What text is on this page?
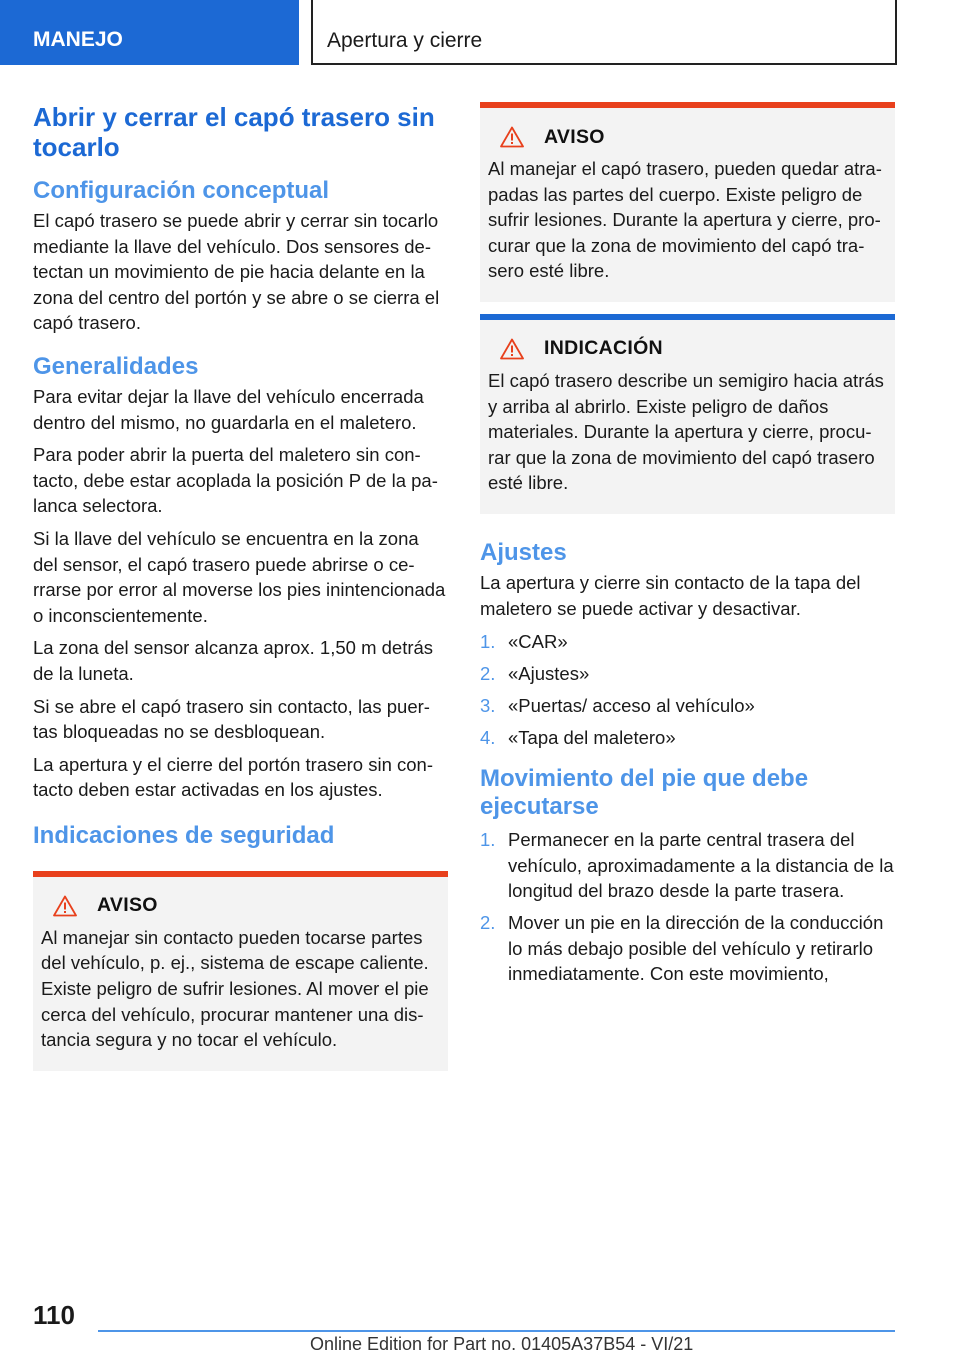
MANEJO	Apertura y cierre
Abrir y cerrar el capó trasero sin tocarlo
Configuración conceptual

El capó trasero se puede abrir y cerrar sin tocarlo mediante la llave del vehículo. Dos sensores detectan un movimiento de pie hacia delante en la zona del centro del portón y se abre o se cierra el capó trasero.

Generalidades

Para evitar dejar la llave del vehículo encerrada dentro del mismo, no guardarla en el maletero.

Para poder abrir la puerta del maletero sin contacto, debe estar acoplada la posición P de la palanca selectora.

Si la llave del vehículo se encuentra en la zona del sensor, el capó trasero puede abrirse o cerrarse por error al moverse los pies inintencionada o inconscientemente.

La zona del sensor alcanza aprox. 1,50 m detrás de la luneta.

Si se abre el capó trasero sin contacto, las puertas bloqueadas no se desbloquean.

La apertura y el cierre del portón trasero sin contacto deben estar activadas en los ajustes.

Indicaciones de seguridad
AVISO

Al manejar sin contacto pueden tocarse partes del vehículo, p. ej., sistema de escape caliente. Existe peligro de sufrir lesiones. Al mover el pie cerca del vehículo, procurar mantener una distancia segura y no tocar el vehículo.

AVISO

Al manejar el capó trasero, pueden quedar atrapadas las partes del cuerpo. Existe peligro de sufrir lesiones. Durante la apertura y cierre, procurar que la zona de movimiento del capó trasero esté libre.

INDICACIÓN

El capó trasero describe un semigiro hacia atrás y arriba al abrirlo. Existe peligro de daños materiales. Durante la apertura y cierre, procurar que la zona de movimiento del capó trasero esté libre.

Ajustes

La apertura y cierre sin contacto de la tapa del maletero se puede activar y desactivar.

1. «CAR»
2. «Ajustes»
3. «Puertas/ acceso al vehículo»
4. «Tapa del maletero»
Movimiento del pie que debe ejecutarse
1. Permanecer en la parte central trasera del vehículo, aproximadamente a la distancia de la longitud del brazo desde la parte trasera.
2. Mover un pie en la dirección de la conducción lo más debajo posible del vehículo y retirarlo inmediatamente. Con este movimiento,
110
Online Edition for Part no. 01405A37B54 - VI/21
